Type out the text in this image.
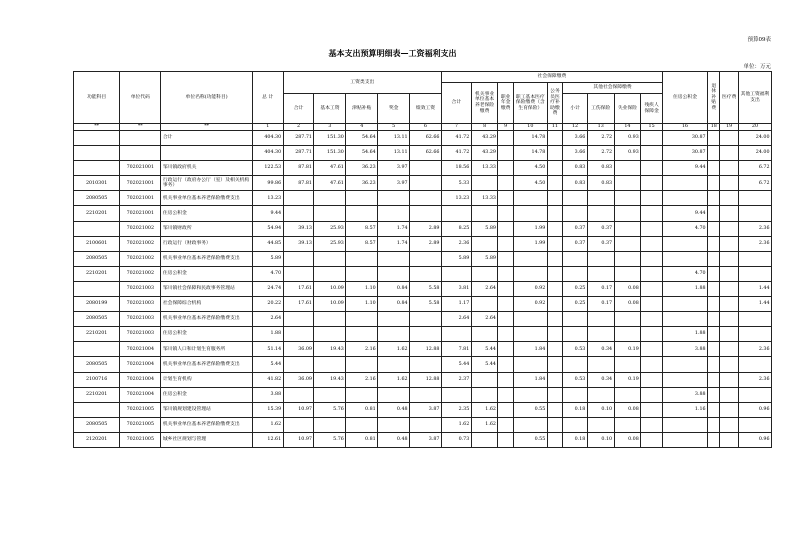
预算09表
基本支出预算明细表—工资福利支出
单位：万元
功能科目	单位代码	单位名称(功能科目)	总 计	工资类支出					社会保障缴费									住房公积金	退休补贴费	医疗费	其他工资福利支出
									合计	机关事业单位基本养老保险缴费	职业年金缴费	职工基本医疗保险缴费（含生育保险）	公务员医疗补助缴费	其他社会保障缴费							
				合计	基本工资	津贴补贴	奖金	绩效工资						小计	工伤保险	失业保险	残疾人保障金				
**	**	**	1	2	3	4	5	6	7	8	9	10	11	12	13	14	15	16	18	19	20
		合计	404.30	287.71	151.30	54.64	13.11	62.66	41.72	43.29		14.78		3.66	2.72	0.93		30.87			24.00
			404.30	287.71	151.30	54.64	13.11	62.66	41.72	43.29		14.78		3.66	2.72	0.93		30.87			24.00
	702021001	邹川镇政府机关	122.53	87.81	47.61	36.23	3.97		18.56	13.33		4.50		0.83	0.83			9.44			6.72
2010301	702021001	行政运行（政府办公厅（室）及相关机构事务）	99.86	87.81	47.61	36.23	3.97		5.33			4.50		0.83	0.83						6.72
2080505	702021001	机关事业单位基本养老保险缴费支出	13.23						13.23	13.33											
2210201	702021001	住房公积金	9.44															9.44			
	702021002	邹川镇财政所	54.94	39.13	25.93	8.57	1.74	2.89	8.25	5.89		1.99		0.37	0.37			4.70			2.36
2100601	702021002	行政运行（财政事务）	44.85	39.13	25.93	8.57	1.74	2.89	2.36			1.99		0.37	0.37						2.36
2080505	702021002	机关事业单位基本养老保险缴费支出	5.89						5.89	5.89											
2210201	702021002	住房公积金	4.70															4.70			
	702021003	邹川镇社会保障和民政事务管理站	24.74	17.61	10.09	1.10	0.84	5.58	3.81	2.64		0.92		0.25	0.17	0.08		1.88			1.44
2080199	702021003	社会保障综合机构	20.22	17.61	10.09	1.10	0.84	5.58	1.17			0.92		0.25	0.17	0.08					1.44
2080505	702021003	机关事业单位基本养老保险缴费支出	2.64						2.64	2.64											
2210201	702021003	住房公积金	1.88															1.88			
	702021004	邹川镇人口和计划生育服务所	51.14	36.09	19.43	2.16	1.62	12.88	7.81	5.44		1.84		0.53	0.34	0.19		3.88			2.36
2080505	702021004	机关事业单位基本养老保险缴费支出	5.44						5.44	5.44											
2100716	702021004	计划生育机构	41.82	36.09	19.43	2.16	1.62	12.88	2.37			1.84		0.53	0.34	0.19					2.36
2210201	702021004	住房公积金	3.88															3.88			
	702021005	邹川镇规划建设管理站	15.39	10.97	5.76	0.81	0.48	3.87	2.35	1.62		0.55		0.18	0.10	0.08		1.16			0.96
2080505	702021005	机关事业单位基本养老保险缴费支出	1.62						1.62	1.62											
2120201	702021005	城乡社区规划与管理	12.61	10.97	5.76	0.81	0.48	3.87	0.73			0.55		0.18	0.10	0.08					0.96
